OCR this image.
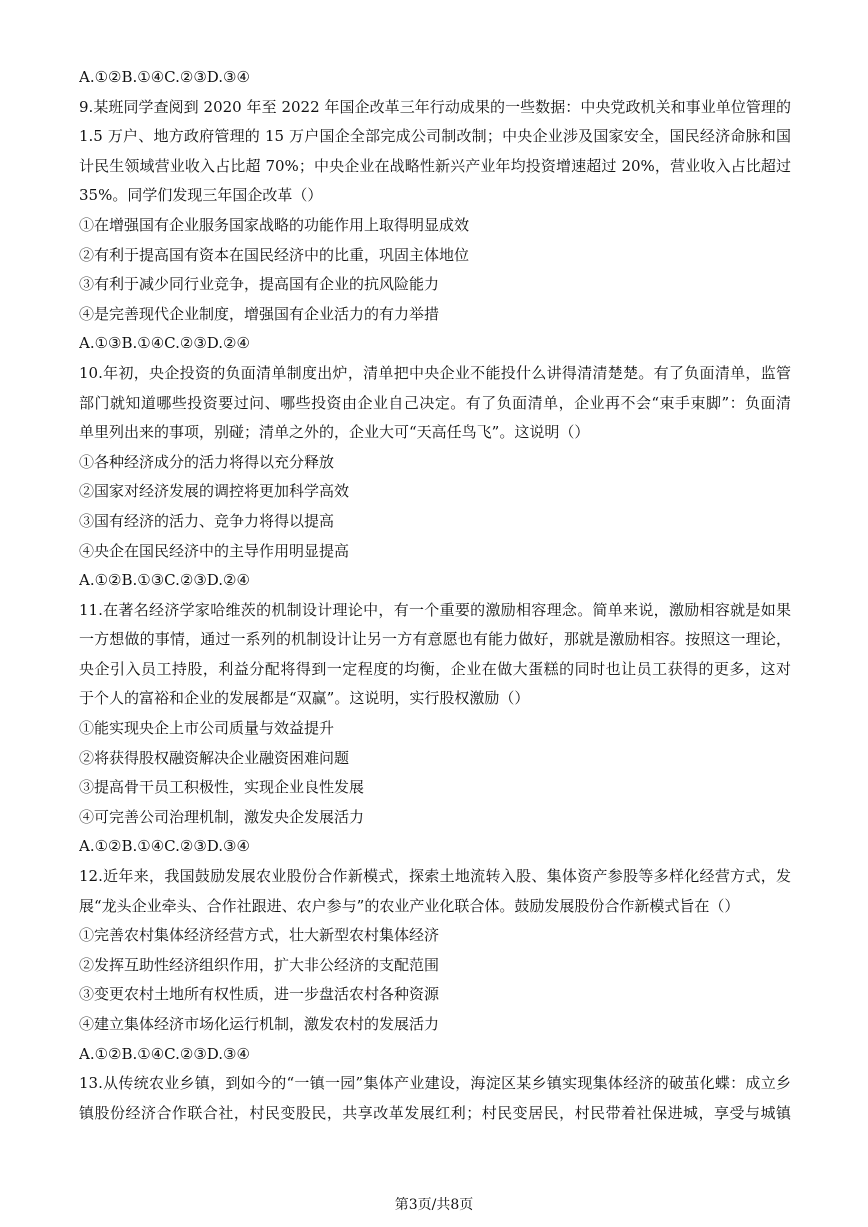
A.①②B.①④C.②③D.③④
9.某班同学查阅到 2020 年至 2022 年国企改革三年行动成果的一些数据：中央党政机关和事业单位管理的
1.5 万户、地方政府管理的 15 万户国企全部完成公司制改制；中央企业涉及国家安全，国民经济命脉和国
计民生领域营业收入占比超 70%；中央企业在战略性新兴产业年均投资增速超过 20%，营业收入占比超过
35%。同学们发现三年国企改革（）
①在增强国有企业服务国家战略的功能作用上取得明显成效
②有利于提高国有资本在国民经济中的比重，巩固主体地位
③有利于减少同行业竞争，提高国有企业的抗风险能力
④是完善现代企业制度，增强国有企业活力的有力举措
A.①③B.①④C.②③D.②④
10.年初，央企投资的负面清单制度出炉，清单把中央企业不能投什么讲得清清楚楚。有了负面清单，监管
部门就知道哪些投资要过问、哪些投资由企业自己决定。有了负面清单，企业再不会“束手束脚”：负面清
单里列出来的事项，别碰；清单之外的，企业大可“天高任鸟飞”。这说明（）
①各种经济成分的活力将得以充分释放
②国家对经济发展的调控将更加科学高效
③国有经济的活力、竞争力将得以提高
④央企在国民经济中的主导作用明显提高
A.①②B.①③C.②③D.②④
11.在著名经济学家哈维茨的机制设计理论中，有一个重要的激励相容理念。简单来说，激励相容就是如果
一方想做的事情，通过一系列的机制设计让另一方有意愿也有能力做好，那就是激励相容。按照这一理论，
央企引入员工持股，利益分配将得到一定程度的均衡，企业在做大蛋糕的同时也让员工获得的更多，这对
于个人的富裕和企业的发展都是“双赢”。这说明，实行股权激励（）
①能实现央企上市公司质量与效益提升
②将获得股权融资解决企业融资困难问题
③提高骨干员工积极性，实现企业良性发展
④可完善公司治理机制，激发央企发展活力
A.①②B.①④C.②③D.③④
12.近年来，我国鼓励发展农业股份合作新模式，探索土地流转入股、集体资产参股等多样化经营方式，发
展“龙头企业牵头、合作社跟进、农户参与”的农业产业化联合体。鼓励发展股份合作新模式旨在（）
①完善农村集体经济经营方式，壮大新型农村集体经济
②发挥互助性经济组织作用，扩大非公经济的支配范围
③变更农村土地所有权性质，进一步盘活农村各种资源
④建立集体经济市场化运行机制，激发农村的发展活力
A.①②B.①④C.②③D.③④
13.从传统农业乡镇，到如今的“一镇一园”集体产业建设，海淀区某乡镇实现集体经济的破茧化蝶：成立乡
镇股份经济合作联合社，村民变股民，共享改革发展红利；村民变居民，村民带着社保进城，享受与城镇
第3页/共8页
